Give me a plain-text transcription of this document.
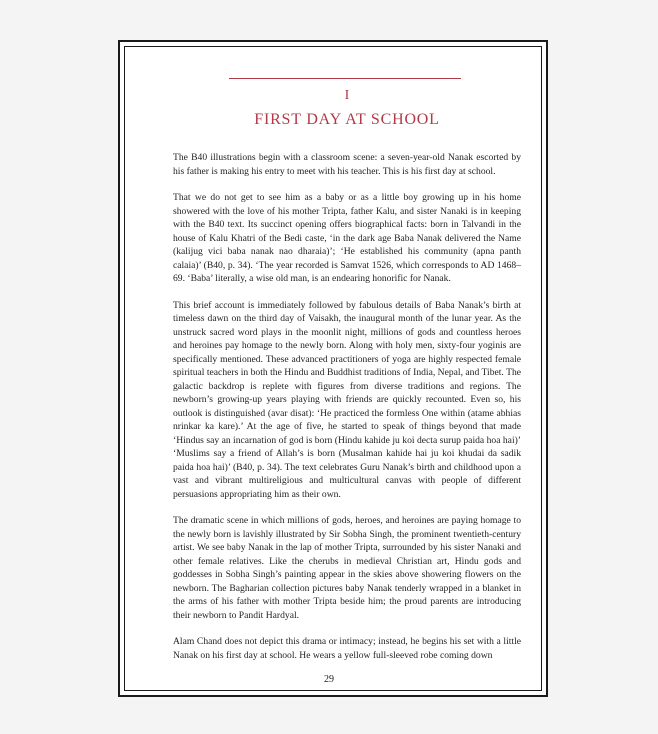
I
FIRST DAY AT SCHOOL

The B40 illustrations begin with a classroom scene: a seven-year-old Nanak escorted by his father is making his entry to meet with his teacher. This is his first day at school.

That we do not get to see him as a baby or as a little boy growing up in his home showered with the love of his mother Tripta, father Kalu, and sister Nanaki is in keeping with the B40 text. Its succinct opening offers biographical facts: born in Talvandi in the house of Kalu Khatri of the Bedi caste, ‘in the dark age Baba Nanak delivered the Name (kalijug vici baba nanak nao dharaia)’; ‘He established his community (apna panth calaia)’ (B40, p. 34). ‘The year recorded is Samvat 1526, which corresponds to AD 1468–69. ‘Baba’ literally, a wise old man, is an endearing honorific for Nanak.

This brief account is immediately followed by fabulous details of Baba Nanak’s birth at timeless dawn on the third day of Vaisakh, the inaugural month of the lunar year. As the unstruck sacred word plays in the moonlit night, millions of gods and countless heroes and heroines pay homage to the newly born. Along with holy men, sixty-four yoginis are specifically mentioned. These advanced practitioners of yoga are highly respected female spiritual teachers in both the Hindu and Buddhist traditions of India, Nepal, and Tibet. The galactic backdrop is replete with figures from diverse traditions and regions. The newborn’s growing-up years playing with friends are quickly recounted. Even so, his outlook is distinguished (avar disat): ‘He practiced the formless One within (atame abhias nrinkar ka kare).’ At the age of five, he started to speak of things beyond that made ‘Hindus say an incarnation of god is born (Hindu kahide ju koi decta surup paida hoa hai)’ ‘Muslims say a friend of Allah’s is born (Musalman kahide hai ju koi khudai da sadik paida hoa hai)’ (B40, p. 34). The text celebrates Guru Nanak’s birth and childhood upon a vast and vibrant multireligious and multicultural canvas with people of different persuasions appropriating him as their own.

The dramatic scene in which millions of gods, heroes, and heroines are paying homage to the newly born is lavishly illustrated by Sir Sobha Singh, the prominent twentieth-century artist. We see baby Nanak in the lap of mother Tripta, surrounded by his sister Nanaki and other female relatives. Like the cherubs in medieval Christian art, Hindu gods and goddesses in Sobha Singh’s painting appear in the skies above showering flowers on the newborn. The Bagharian collection pictures baby Nanak tenderly wrapped in a blanket in the arms of his father with mother Tripta beside him; the proud parents are introducing their newborn to Pandit Hardyal.

Alam Chand does not depict this drama or intimacy; instead, he begins his set with a little Nanak on his first day at school. He wears a yellow full-sleeved robe coming down

29
